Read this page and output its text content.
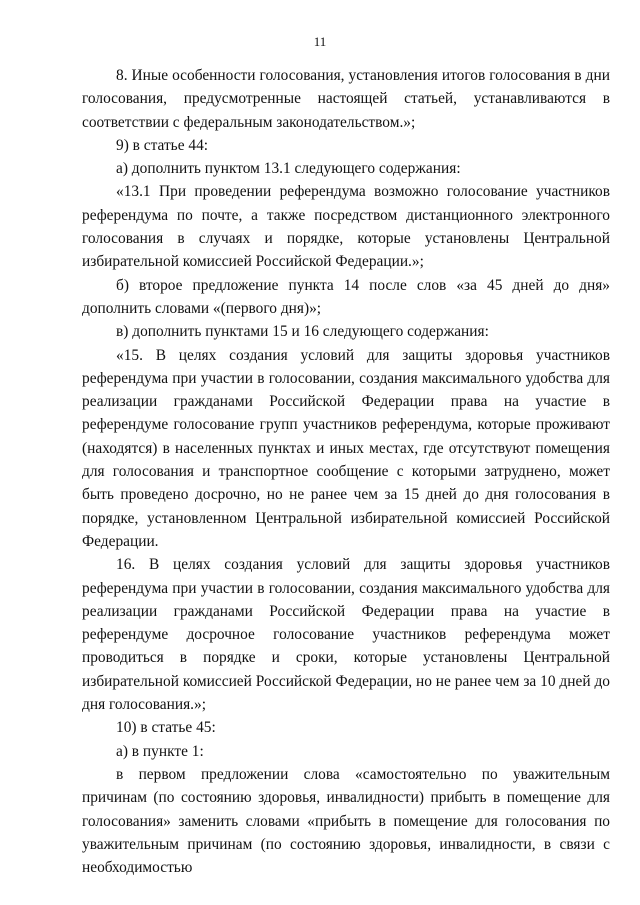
11

8. Иные особенности голосования, установления итогов голосования в дни голосования, предусмотренные настоящей статьей, устанавливаются в соответствии с федеральным законодательством.»;

9) в статье 44:

а) дополнить пунктом 13.1 следующего содержания:

«13.1 При проведении референдума возможно голосование участников референдума по почте, а также посредством дистанционного электронного голосования в случаях и порядке, которые установлены Центральной избирательной комиссией Российской Федерации.»;

б) второе предложение пункта 14 после слов «за 45 дней до дня» дополнить словами «(первого дня)»;

в) дополнить пунктами 15 и 16 следующего содержания:

«15. В целях создания условий для защиты здоровья участников референдума при участии в голосовании, создания максимального удобства для реализации гражданами Российской Федерации права на участие в референдуме голосование групп участников референдума, которые проживают (находятся) в населенных пунктах и иных местах, где отсутствуют помещения для голосования и транспортное сообщение с которыми затруднено, может быть проведено досрочно, но не ранее чем за 15 дней до дня голосования в порядке, установленном Центральной избирательной комиссией Российской Федерации.

16. В целях создания условий для защиты здоровья участников референдума при участии в голосовании, создания максимального удобства для реализации гражданами Российской Федерации права на участие в референдуме досрочное голосование участников референдума может проводиться в порядке и сроки, которые установлены Центральной избирательной комиссией Российской Федерации, но не ранее чем за 10 дней до дня голосования.»;

10) в статье 45:

а) в пункте 1:

в первом предложении слова «самостоятельно по уважительным причинам (по состоянию здоровья, инвалидности) прибыть в помещение для голосования» заменить словами «прибыть в помещение для голосования по уважительным причинам (по состоянию здоровья, инвалидности, в связи с необходимостью
